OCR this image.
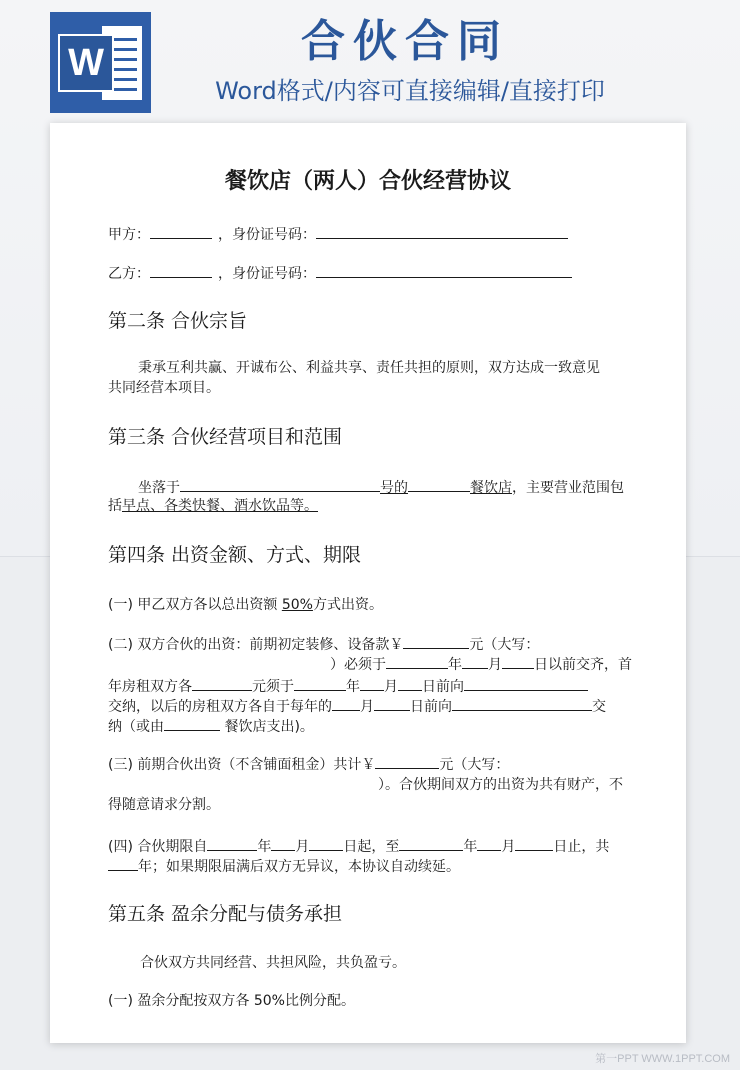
W	合伙合同
Word格式/内容可直接编辑/直接打印
餐饮店（两人）合伙经营协议
甲方：	，身份证号码：
乙方：	，身份证号码：
第二条 合伙宗旨
秉承互利共赢、开诚布公、利益共享、责任共担的原则，双方达成一致意见
共同经营本项目。
第三条 合伙经营项目和范围
坐落于	号的	餐饮店，主要营业范围包
括早点、各类快餐、酒水饮品等。
第四条 出资金额、方式、期限
(一) 甲乙双方各以总出资额 50%方式出资。
(二) 双方合伙的出资：前期初定装修、设备款￥	元（大写：
）必须于	年 月 日以前交齐，首
年房租双方各	元须于	年 月 日前向
交纳，以后的房租双方各自于每年的 月	日前向	交
纳（或由	餐饮店支出)。
(三) 前期合伙出资（不含铺面租金）共计￥	元（大写：
）。合伙期间双方的出资为共有财产，不
得随意请求分割。
(四) 合伙期限自	年 月 日起，至	年 月	日止，共
年；如果期限届满后双方无异议，本协议自动续延。
第五条 盈余分配与债务承担
合伙双方共同经营、共担风险，共负盈亏。
(一) 盈余分配按双方各 50%比例分配。
第一PPT WWW.1PPT.COM
